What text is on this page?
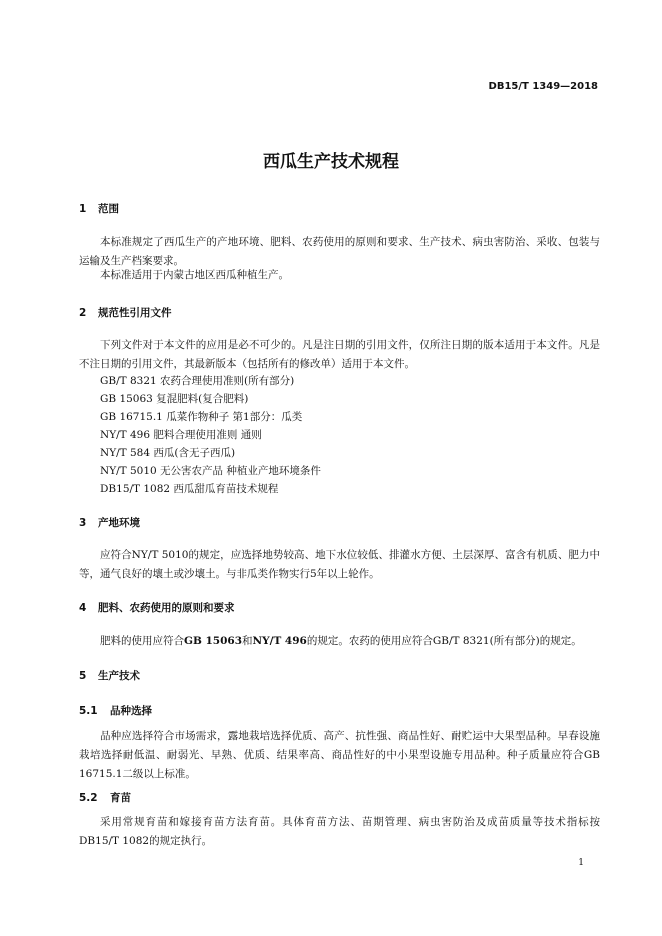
DB15/T 1349—2018
西瓜生产技术规程
1 范围
本标准规定了西瓜生产的产地环境、肥料、农药使用的原则和要求、生产技术、病虫害防治、采收、包装与运输及生产档案要求。
本标准适用于内蒙古地区西瓜种植生产。
2 规范性引用文件
下列文件对于本文件的应用是必不可少的。凡是注日期的引用文件，仅所注日期的版本适用于本文件。凡是不注日期的引用文件，其最新版本（包括所有的修改单）适用于本文件。
GB/T 8321 农药合理使用准则(所有部分)
GB 15063 复混肥料(复合肥料)
GB 16715.1 瓜菜作物种子 第1部分：瓜类
NY/T 496 肥料合理使用准则 通则
NY/T 584 西瓜(含无子西瓜)
NY/T 5010 无公害农产品 种植业产地环境条件
DB15/T 1082 西瓜甜瓜育苗技术规程
3 产地环境
应符合NY/T 5010的规定，应选择地势较高、地下水位较低、排灌水方便、土层深厚、富含有机质、肥力中等，通气良好的壤土或沙壤土。与非瓜类作物实行5年以上轮作。
4 肥料、农药使用的原则和要求
肥料的使用应符合GB 15063和NY/T 496的规定。农药的使用应符合GB/T 8321(所有部分)的规定。
5 生产技术
5.1 品种选择
品种应选择符合市场需求，露地栽培选择优质、高产、抗性强、商品性好、耐贮运中大果型品种。早春设施栽培选择耐低温、耐弱光、早熟、优质、结果率高、商品性好的中小果型设施专用品种。种子质量应符合GB 16715.1二级以上标准。
5.2 育苗
采用常规育苗和嫁接育苗方法育苗。具体育苗方法、苗期管理、病虫害防治及成苗质量等技术指标按DB15/T 1082的规定执行。
1
